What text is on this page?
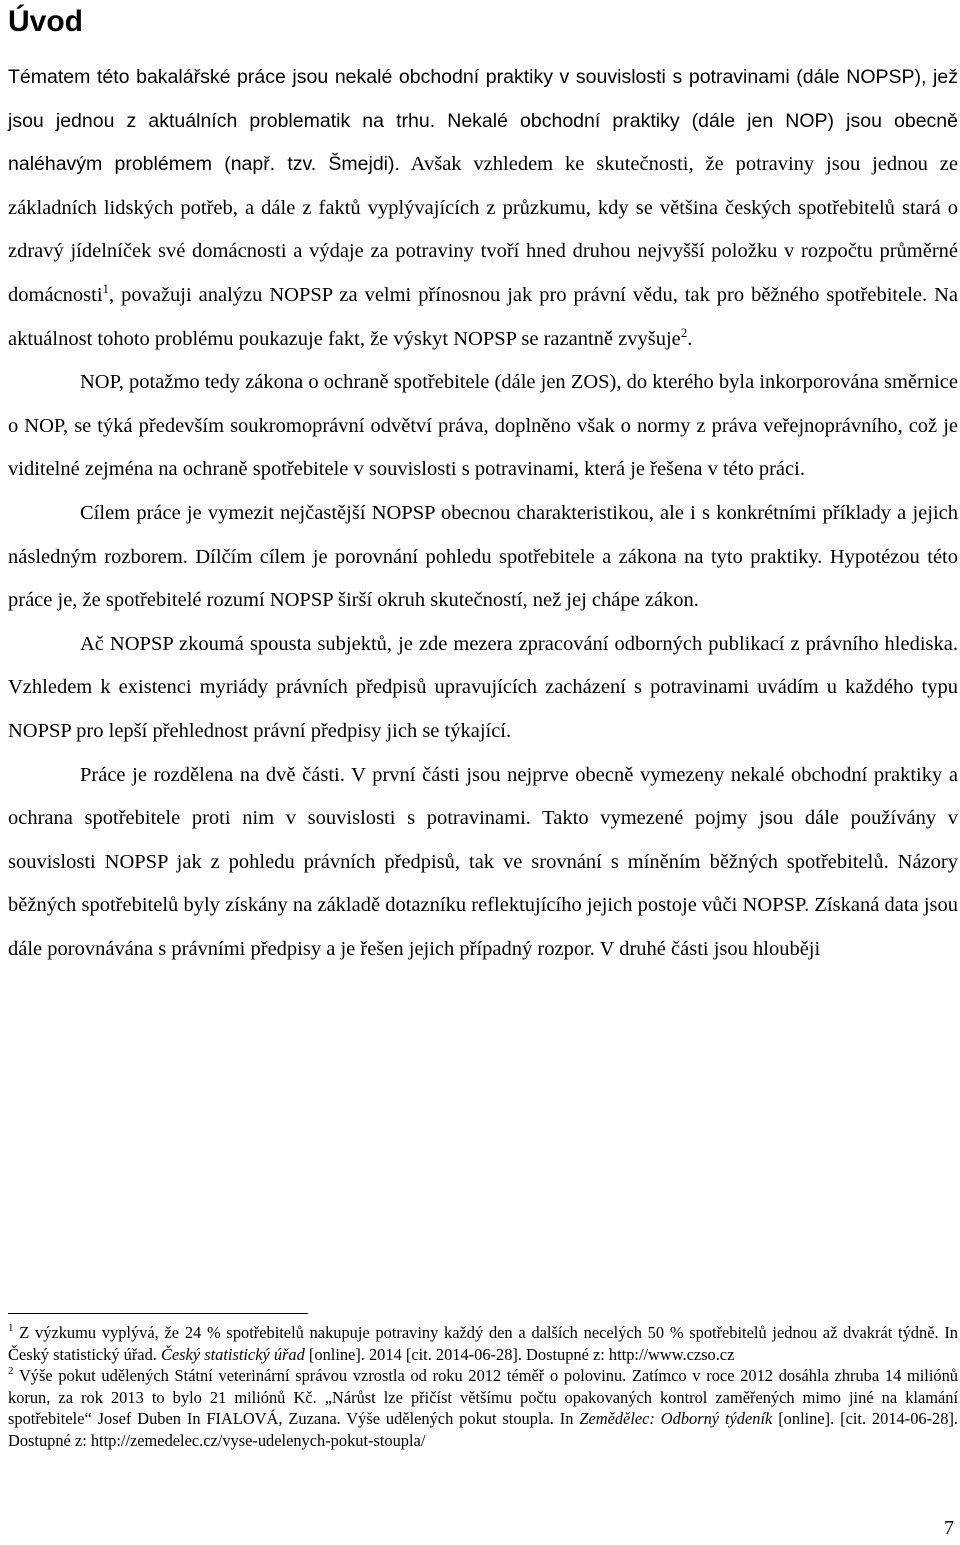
Úvod

Tématem této bakalářské práce jsou nekalé obchodní praktiky v souvislosti s potravinami (dále NOPSP), jež jsou jednou z aktuálních problematik na trhu. Nekalé obchodní praktiky (dále jen NOP) jsou obecně naléhavým problémem (např. tzv. Šmejdi). Avšak vzhledem ke skutečnosti, že potraviny jsou jednou ze základních lidských potřeb, a dále z faktů vyplývajících z průzkumu, kdy se většina českých spotřebitelů stará o zdravý jídelníček své domácnosti a výdaje za potraviny tvoří hned druhou nejvyšší položku v rozpočtu průměrné domácnosti$^1$, považuji analýzu NOPSP za velmi přínosnou jak pro právní vědu, tak pro běžného spotřebitele. Na aktuálnost tohoto problému poukazuje fakt, že výskyt NOPSP se razantně zvyšuje$^2$.

NOP, potažmo tedy zákona o ochraně spotřebitele (dále jen ZOS), do kterého byla inkorporována směrnice o NOP, se týká především soukromoprávní odvětví práva, doplněno však o normy z práva veřejnoprávního, což je viditelné zejména na ochraně spotřebitele v souvislosti s potravinami, která je řešena v této práci.

Cílem práce je vymezit nejčastější NOPSP obecnou charakteristikou, ale i s konkrétními příklady a jejich následným rozborem. Dílčím cílem je porovnání pohledu spotřebitele a zákona na tyto praktiky. Hypotézou této práce je, že spotřebitelé rozumí NOPSP širší okruh skutečností, než jej chápe zákon.

Ač NOPSP zkoumá spousta subjektů, je zde mezera zpracování odborných publikací z právního hlediska. Vzhledem k existenci myriády právních předpisů upravujících zacházení s potravinami uvádím u každého typu NOPSP pro lepší přehlednost právní předpisy jich se týkající.

Práce je rozdělena na dvě části. V první části jsou nejprve obecně vymezeny nekalé obchodní praktiky a ochrana spotřebitele proti nim v souvislosti s potravinami. Takto vymezené pojmy jsou dále používány v souvislosti NOPSP jak z pohledu právních předpisů, tak ve srovnání s míněním běžných spotřebitelů. Názory běžných spotřebitelů byly získány na základě dotazníku reflektujícího jejich postoje vůči NOPSP. Získaná data jsou dále porovnávána s právními předpisy a je řešen jejich případný rozpor. V druhé části jsou hlouběji

$^1$ Z výzkumu vyplývá, že 24 % spotřebitelů nakupuje potraviny každý den a dalších necelých 50 % spotřebitelů jednou až dvakrát týdně. In Český statistický úřad. Český statistický úřad [online]. 2014 [cit. 2014-06-28]. Dostupné z: http://www.czso.cz

$^2$ Výše pokut udělených Státní veterinární správou vzrostla od roku 2012 téměř o polovinu. Zatímco v roce 2012 dosáhla zhruba 14 miliónů korun, za rok 2013 to bylo 21 miliónů Kč. „Nárůst lze přičíst většímu počtu opakovaných kontrol zaměřených mimo jiné na klamání spotřebitele“ Josef Duben In FIALOVÁ, Zuzana. Výše udělených pokut stoupla. In Zemědělec: Odborný týdeník [online]. [cit. 2014-06-28]. Dostupné z: http://zemedelec.cz/vyse-udelenych-pokut-stoupla/

7
